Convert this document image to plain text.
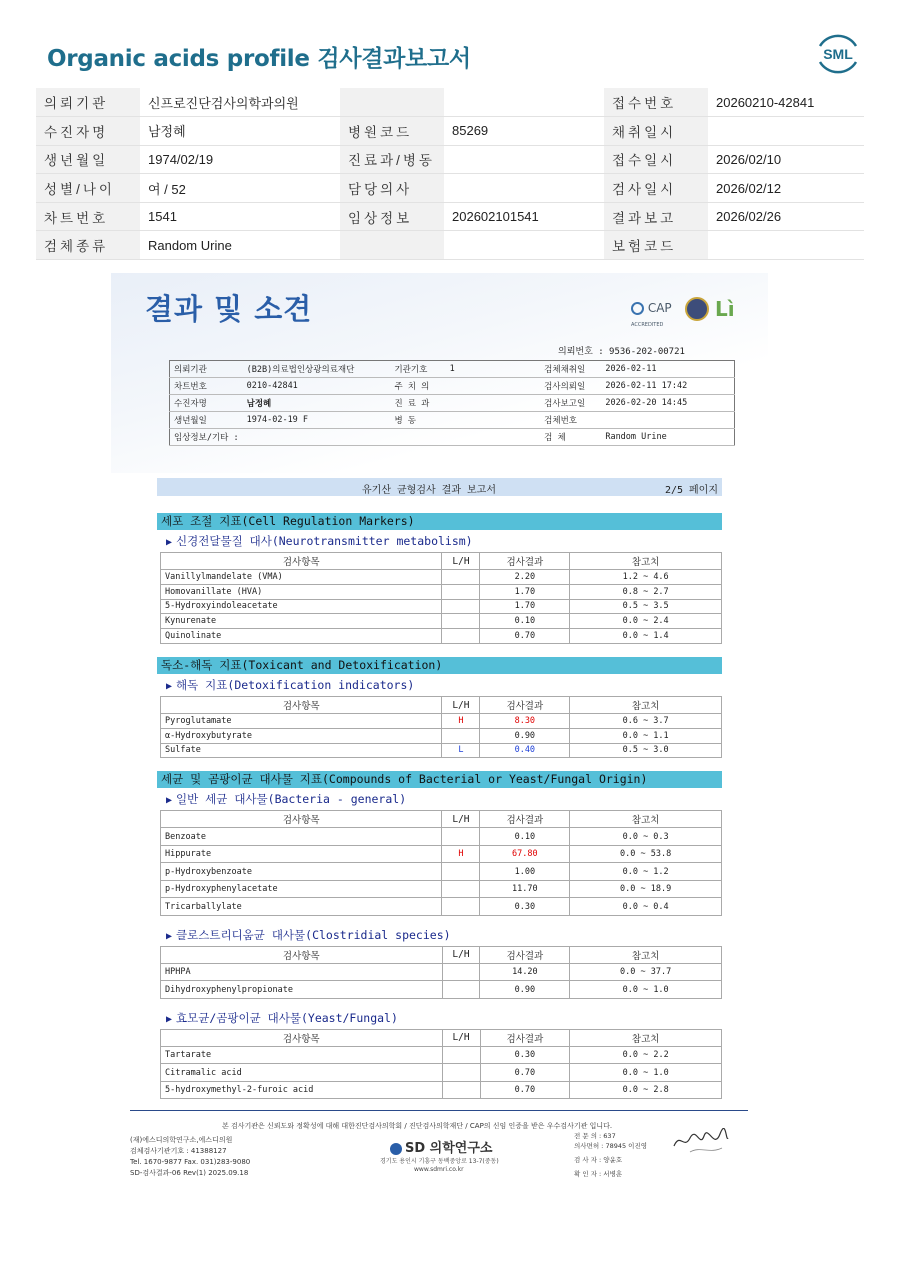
Organic acids profile 검사결과보고서	SML
의뢰기관	신프로진단검사의학과의원			접수번호	20260210-42841
수진자명	남정혜	병원코드	85269	채취일시	
생년월일	1974/02/19	진료과/병동		접수일시	2026/02/10
성별/나이	여 / 52	담당의사		검사일시	2026/02/12
차트번호	1541	임상정보	202602101541	결과보고	2026/02/26
검체종류	Random Urine			보험코드	
결과 및 소견	CAP
ACCREDITED
Lì
의뢰번호 : 9536-202-00721
의뢰기관	(B2B)의료법인상광의료재단	기관기호	1	검체채취일	2026-02-11
차트번호	0210-42841	주 치 의		검사의뢰일	2026-02-11 17:42
수진자명	남정혜	진 료 과		검사보고일	2026-02-20 14:45
생년월일	1974-02-19 F	병 동		검체번호	
임상정보/기타 :				검 체	Random Urine
유기산 균형검사 결과 보고서	2/5 페이지
세포 조절 지표(Cell Regulation Markers)
▶ 신경전달물질 대사(Neurotransmitter metabolism)
검사항목	L/H	검사결과	참고치
Vanillylmandelate (VMA)		2.20	1.2 ~ 4.6
Homovanillate (HVA)		1.70	0.8 ~ 2.7
5-Hydroxyindoleacetate		1.70	0.5 ~ 3.5
Kynurenate		0.10	0.0 ~ 2.4
Quinolinate		0.70	0.0 ~ 1.4
독소-해독 지표(Toxicant and Detoxification)
▶ 해독 지표(Detoxification indicators)
검사항목	L/H	검사결과	참고치
Pyroglutamate	H	8.30	0.6 ~ 3.7
α-Hydroxybutyrate		0.90	0.0 ~ 1.1
Sulfate	L	0.40	0.5 ~ 3.0
세균 및 곰팡이균 대사물 지표(Compounds of Bacterial or Yeast/Fungal Origin)
▶ 일반 세균 대사물(Bacteria - general)
검사항목	L/H	검사결과	참고치
Benzoate		0.10	0.0 ~ 0.3
Hippurate	H	67.80	0.0 ~ 53.8
p-Hydroxybenzoate		1.00	0.0 ~ 1.2
p-Hydroxyphenylacetate		11.70	0.0 ~ 18.9
Tricarballylate		0.30	0.0 ~ 0.4
▶ 클로스트리디움균 대사물(Clostridial species)
검사항목	L/H	검사결과	참고치
HPHPA		14.20	0.0 ~ 37.7
Dihydroxyphenylpropionate		0.90	0.0 ~ 1.0
▶ 효모균/곰팡이균 대사물(Yeast/Fungal)
검사항목	L/H	검사결과	참고치
Tartarate		0.30	0.0 ~ 2.2
Citramalic acid		0.70	0.0 ~ 1.0
5-hydroxymethyl-2-furoic acid		0.70	0.0 ~ 2.8
본 검사기관은 신뢰도와 정확성에 대해 대한진단검사의학회 / 진단검사의학재단 / CAP의 신임 인증을 받은 우수검사기관 입니다.
(재)에스디의학연구소,에스디의원
검체검사기관기호 : 41388127
Tel. 1670-9877 Fax. 031)283-9080
SD-검사결과-06 Rev(1) 2025.09.18
SD 의학연구소
경기도 용인시 기흥구 동백중앙로 13-7(중동)
www.sdmri.co.kr
전 문 의 : 637
의사면허 : 78945 이진영
검 사 자 : 양윤호
확 인 자 : 서병훈
